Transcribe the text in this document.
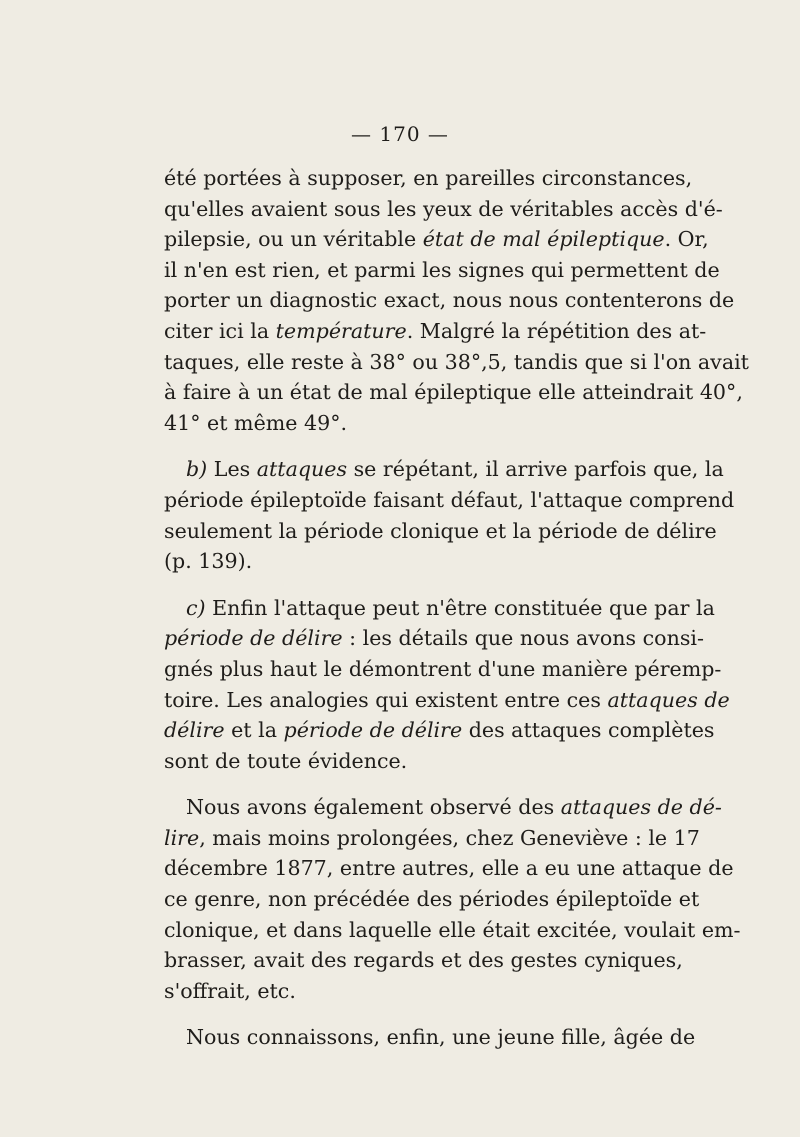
— 170 —
été portées à supposer, en pareilles circonstances,
qu'elles avaient sous les yeux de véritables accès d'é-
pilepsie, ou un véritable état de mal épileptique. Or,
il n'en est rien, et parmi les signes qui permettent de
porter un diagnostic exact, nous nous contenterons de
citer ici la température. Malgré la répétition des at-
taques, elle reste à 38° ou 38°,5, tandis que si l'on avait
à faire à un état de mal épileptique elle atteindrait 40°,
41° et même 49°.
b) Les attaques se répétant, il arrive parfois que, la
période épileptoïde faisant défaut, l'attaque comprend
seulement la période clonique et la période de délire
(p. 139).
c) Enfin l'attaque peut n'être constituée que par la
période de délire : les détails que nous avons consi-
gnés plus haut le démontrent d'une manière péremp-
toire. Les analogies qui existent entre ces attaques de
délire et la période de délire des attaques complètes
sont de toute évidence.
Nous avons également observé des attaques de dé-
lire, mais moins prolongées, chez Geneviève : le 17
décembre 1877, entre autres, elle a eu une attaque de
ce genre, non précédée des périodes épileptoïde et
clonique, et dans laquelle elle était excitée, voulait em-
brasser, avait des regards et des gestes cyniques,
s'offrait, etc.
Nous connaissons, enfin, une jeune fille, âgée de
